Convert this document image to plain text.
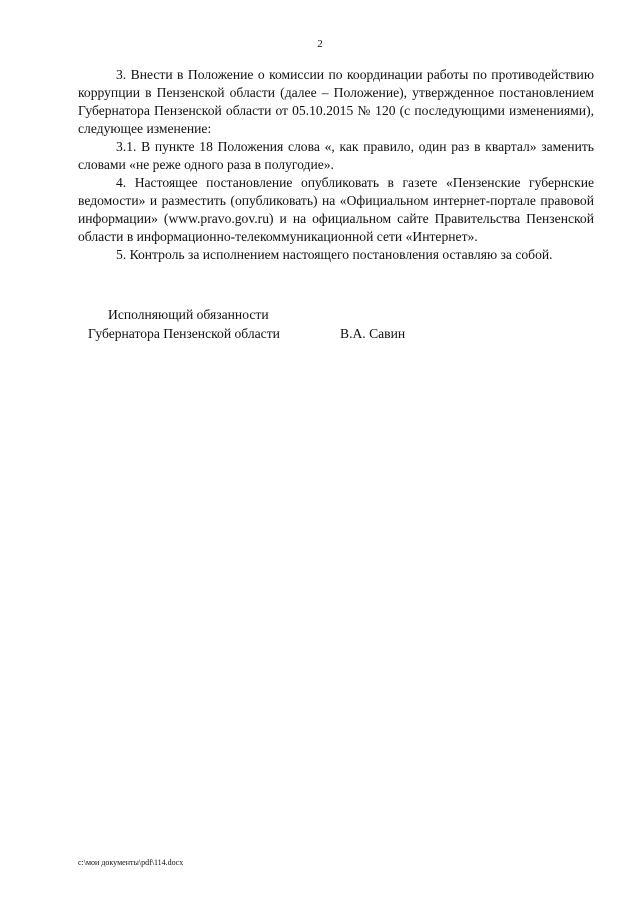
2

3. Внести в Положение о комиссии по координации работы по противодействию коррупции в Пензенской области (далее – Положение), утвержденное постановлением Губернатора Пензенской области от 05.10.2015 № 120 (с последующими изменениями), следующее изменение:

3.1. В пункте 18 Положения слова «, как правило, один раз в квартал» заменить словами «не реже одного раза в полугодие».

4. Настоящее постановление опубликовать в газете «Пензенские губернские ведомости» и разместить (опубликовать) на «Официальном интернет-портале правовой информации» (www.pravo.gov.ru) и на официальном сайте Правительства Пензенской области в информационно-телекоммуникационной сети «Интернет».

5. Контроль за исполнением настоящего постановления оставляю за собой.

Исполняющий обязанности
Губернатора Пензенской области	В.А. Савин
c:\мои документы\pdf\114.docx
